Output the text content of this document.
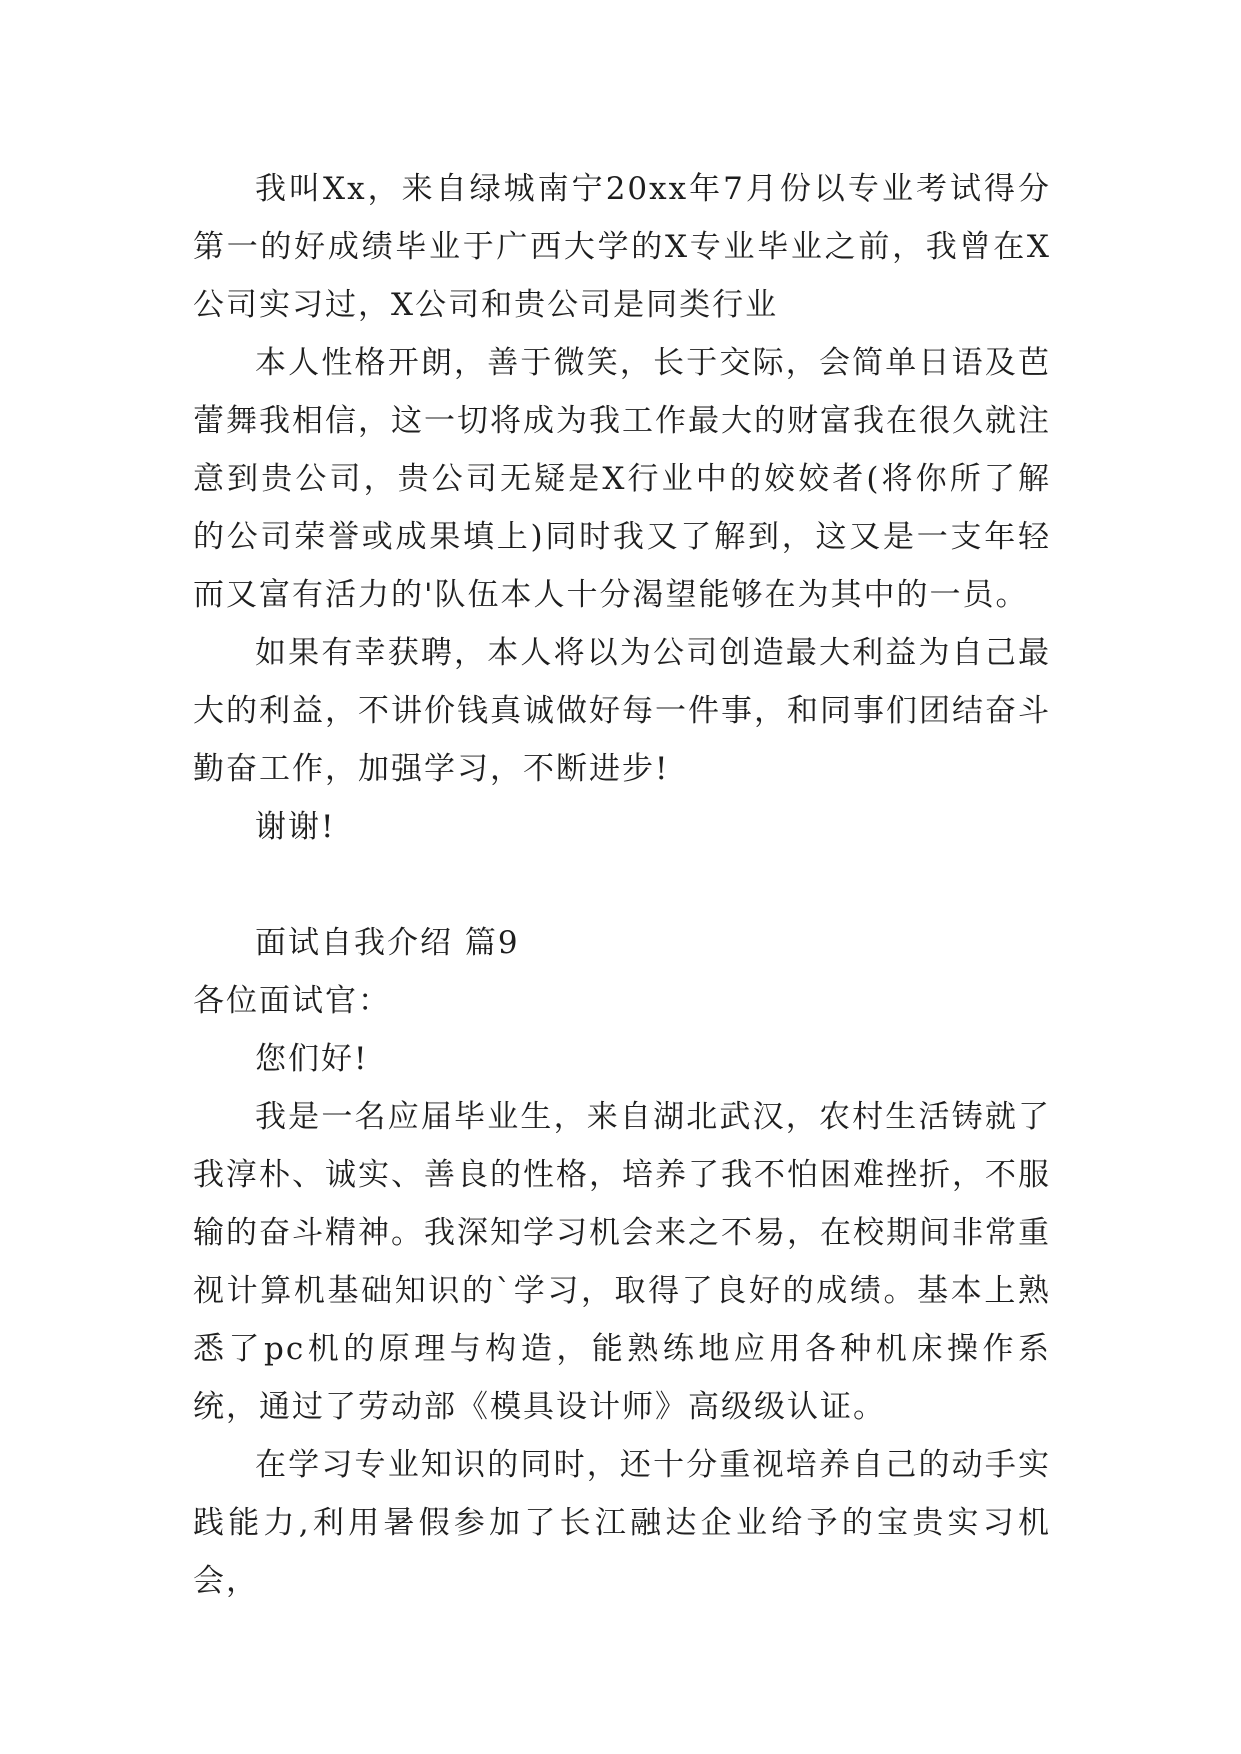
我叫Xx，来自绿城南宁20xx年7月份以专业考试得分第一的好成绩毕业于广西大学的X专业毕业之前，我曾在X公司实习过，X公司和贵公司是同类行业

本人性格开朗，善于微笑，长于交际，会简单日语及芭蕾舞我相信，这一切将成为我工作最大的财富我在很久就注意到贵公司，贵公司无疑是X行业中的姣姣者(将你所了解的公司荣誉或成果填上)同时我又了解到，这又是一支年轻而又富有活力的'队伍本人十分渴望能够在为其中的一员。

如果有幸获聘，本人将以为公司创造最大利益为自己最大的利益，不讲价钱真诚做好每一件事，和同事们团结奋斗勤奋工作，加强学习，不断进步!

谢谢!

面试自我介绍 篇9

各位面试官：

您们好!

我是一名应届毕业生，来自湖北武汉，农村生活铸就了我淳朴、诚实、善良的性格，培养了我不怕困难挫折，不服输的奋斗精神。我深知学习机会来之不易，在校期间非常重视计算机基础知识的`学习，取得了良好的成绩。基本上熟悉了pc机的原理与构造，能熟练地应用各种机床操作系统，通过了劳动部《模具设计师》高级级认证。

在学习专业知识的同时，还十分重视培养自己的动手实践能力,利用暑假参加了长江融达企业给予的宝贵实习机会，
